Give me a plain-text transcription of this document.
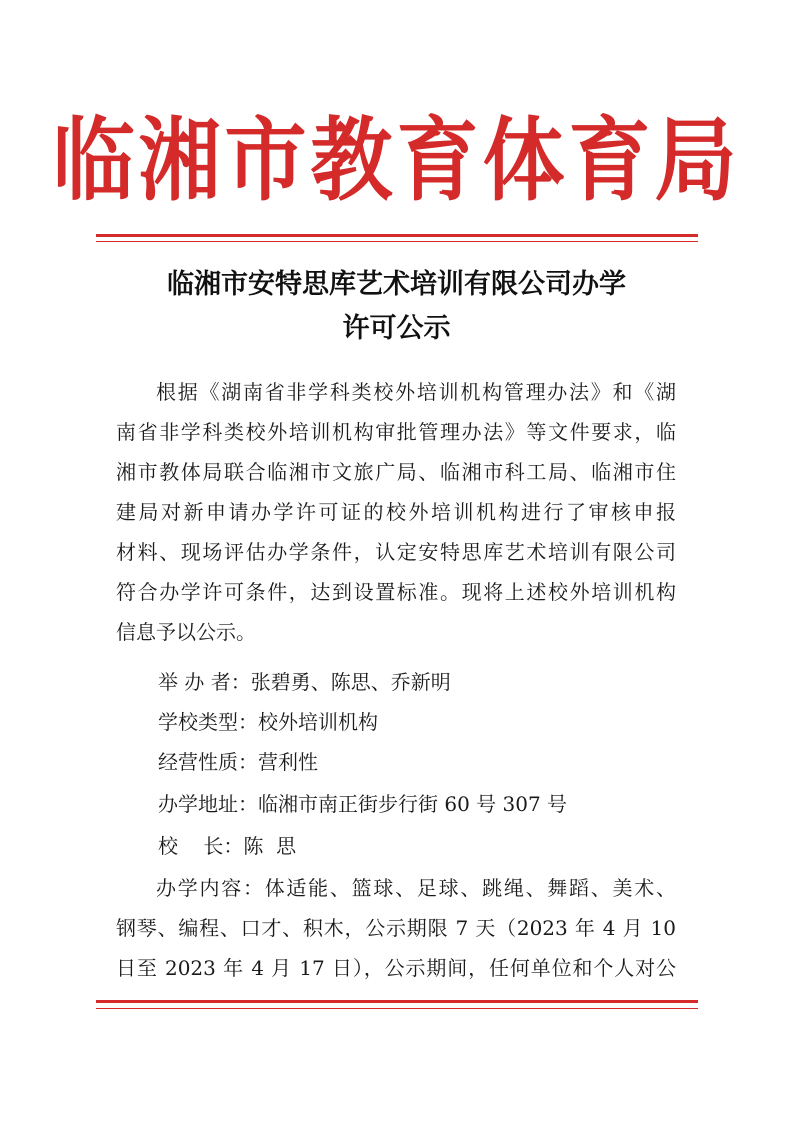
临湘市教育体育局
临湘市安特思库艺术培训有限公司办学
许可公示
根据《湖南省非学科类校外培训机构管理办法》和《湖
南省非学科类校外培训机构审批管理办法》等文件要求，临
湘市教体局联合临湘市文旅广局、临湘市科工局、临湘市住
建局对新申请办学许可证的校外培训机构进行了审核申报
材料、现场评估办学条件，认定安特思库艺术培训有限公司
符合办学许可条件，达到设置标准。现将上述校外培训机构
信息予以公示。
举 办 者：张碧勇、陈思、乔新明
学校类型：校外培训机构
经营性质：营利性
办学地址：临湘市南正街步行街 60 号 307 号
校    长：陈  思
办学内容：体适能、篮球、足球、跳绳、舞蹈、美术、
钢琴、编程、口才、积木，公示期限 7 天（2023 年 4 月 10
日至 2023 年 4 月 17 日），公示期间，任何单位和个人对公
